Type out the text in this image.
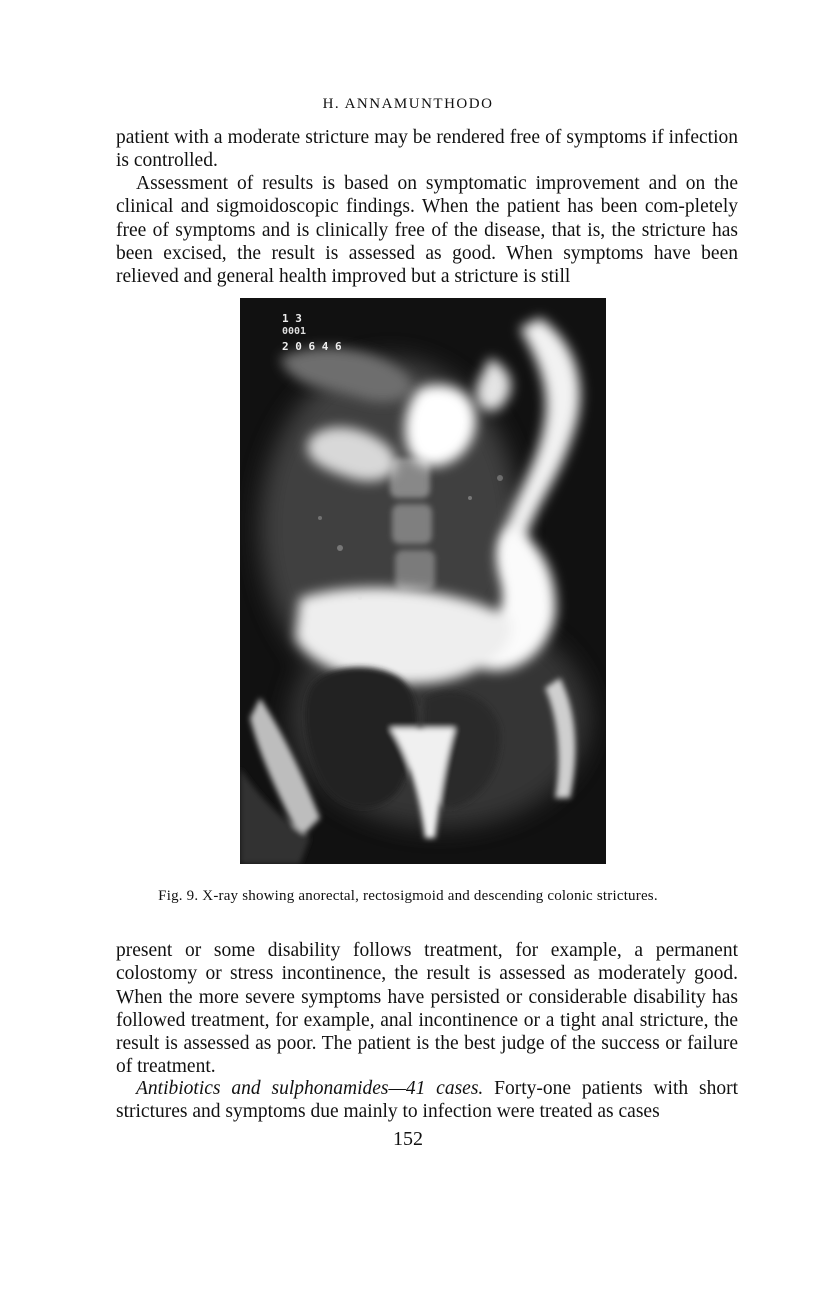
H. ANNAMUNTHODO

patient with a moderate stricture may be rendered free of symptoms if infection is controlled.

Assessment of results is based on symptomatic improvement and on the clinical and sigmoidoscopic findings. When the patient has been com-pletely free of symptoms and is clinically free of the disease, that is, the stricture has been excised, the result is assessed as good. When symptoms have been relieved and general health improved but a stricture is still

1 3
0001
2 0 6 4 6
Fig. 9. X-ray showing anorectal, rectosigmoid and descending colonic strictures.

present or some disability follows treatment, for example, a permanent colostomy or stress incontinence, the result is assessed as moderately good. When the more severe symptoms have persisted or considerable disability has followed treatment, for example, anal incontinence or a tight anal stricture, the result is assessed as poor. The patient is the best judge of the success or failure of treatment.

Antibiotics and sulphonamides—41 cases. Forty-one patients with short strictures and symptoms due mainly to infection were treated as cases

152
